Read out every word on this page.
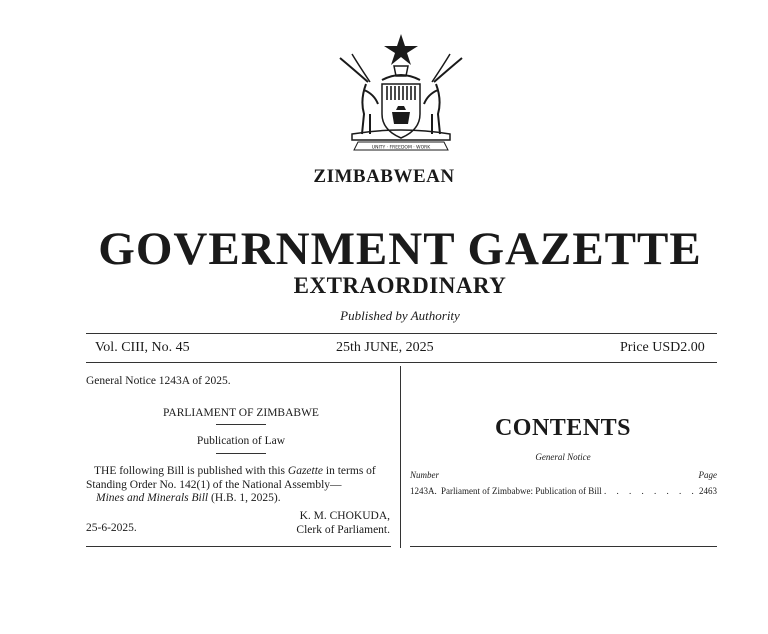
UNITY · FREEDOM · WORK
ZIMBABWEAN
GOVERNMENT GAZETTE
EXTRAORDINARY
Published by Authority
Vol. CIII, No. 45	25th JUNE, 2025	Price USD2.00
General Notice 1243A of 2025.
PARLIAMENT OF ZIMBABWE
Publication of Law
THE following Bill is published with this Gazette in terms of Standing Order No. 142(1) of the National Assembly—
Mines and Minerals Bill (H.B. 1, 2025).
K. M. CHOKUDA,
Clerk of Parliament.
25-6-2025.
CONTENTS
General Notice
Number	Page
1243A. Parliament of Zimbabwe: Publication of Bill . . . . . . . . 2463
